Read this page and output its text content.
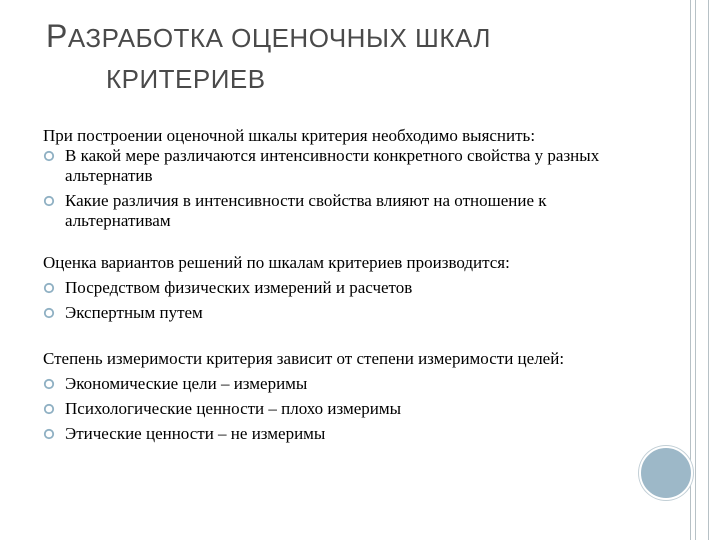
РАЗРАБОТКА ОЦЕНОЧНЫХ ШКАЛ
КРИТЕРИЕВ

При построении оценочной шкалы критерия необходимо выяснить:

В какой мере различаются интенсивности конкретного свойства у разных альтернатив
Какие различия в интенсивности свойства влияют на отношение к альтернативам

Оценка вариантов решений по шкалам критериев производится:

Посредством физических измерений и расчетов
Экспертным путем

Степень измеримости критерия зависит от степени измеримости целей:

Экономические цели – измеримы
Психологические ценности – плохо измеримы
Этические ценности – не измеримы
